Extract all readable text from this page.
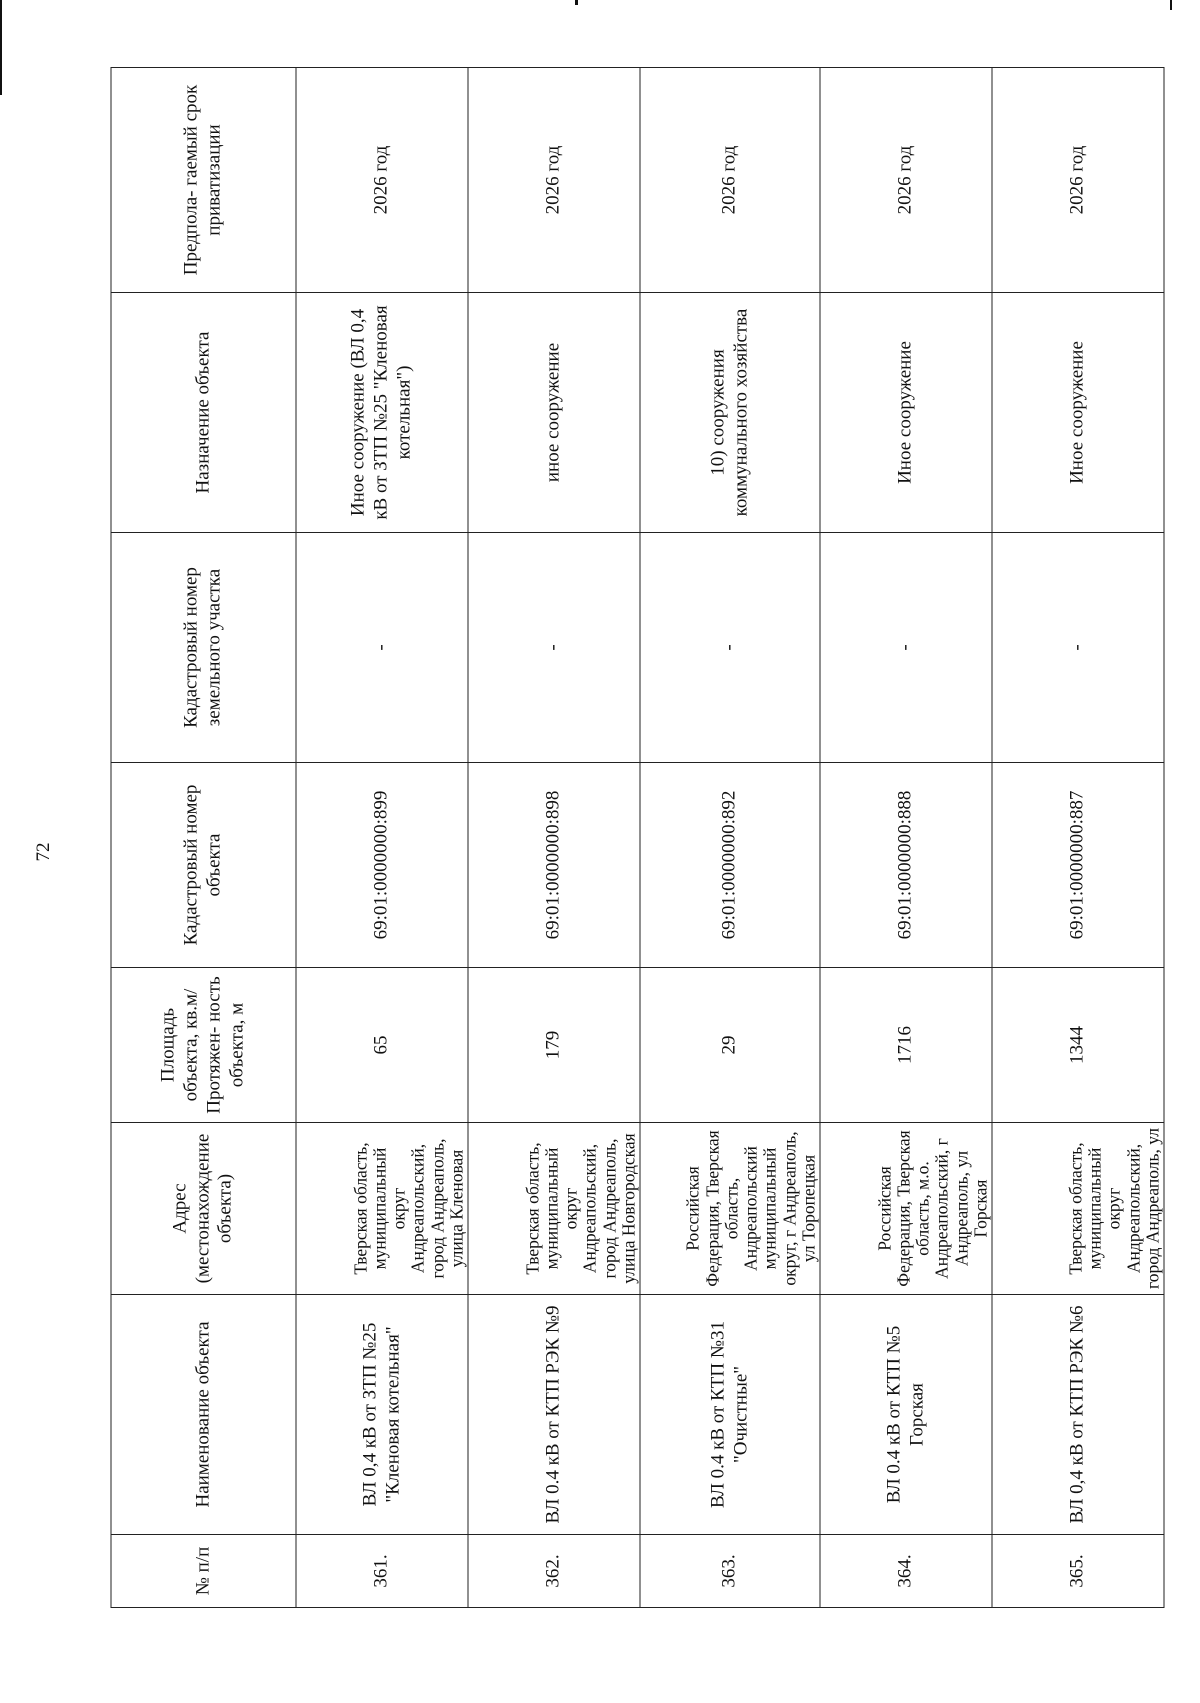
72
№ п/п	Наименование объекта	Адрес (местонахождение объекта)	Площадь объекта, кв.м/ Протяжен- ность объекта, м	Кадастровый номер объекта	Кадастровый номер земельного участка	Назначение объекта	Предпола- гаемый срок приватизации
361.	ВЛ 0,4 кВ от ЗТП №25 "Кленовая котельная"	Тверская область, муниципальный округ Андреапольский, город Андреаполь, улица Кленовая	65	69:01:0000000:899	-	Иное сооружение (ВЛ 0,4 кВ от ЗТП №25 "Кленовая котельная")	2026 год
362.	ВЛ 0.4 кВ от КТП РЭК №9	Тверская область, муниципальный округ Андреапольский, город Андреаполь, улица Новгородская	179	69:01:0000000:898	-	иное сооружение	2026 год
363.	ВЛ 0.4 кВ от КТП №31 "Очистные"	Российская Федерация, Тверская область, Андреапольский муниципальный округ, г Андреаполь, ул Торопецкая	29	69:01:0000000:892	-	10) сооружения коммунального хозяйства	2026 год
364.	ВЛ 0.4 кВ от КТП №5 Горская	Российская Федерация, Тверская область, м.о. Андреапольский, г Андреаполь, ул Горская	1716	69:01:0000000:888	-	Иное сооружение	2026 год
365.	ВЛ 0,4 кВ от КТП РЭК №6	Тверская область, муниципальный округ Андреапольский, город Андреаполь, ул	1344	69:01:0000000:887	-	Иное сооружение	2026 год
